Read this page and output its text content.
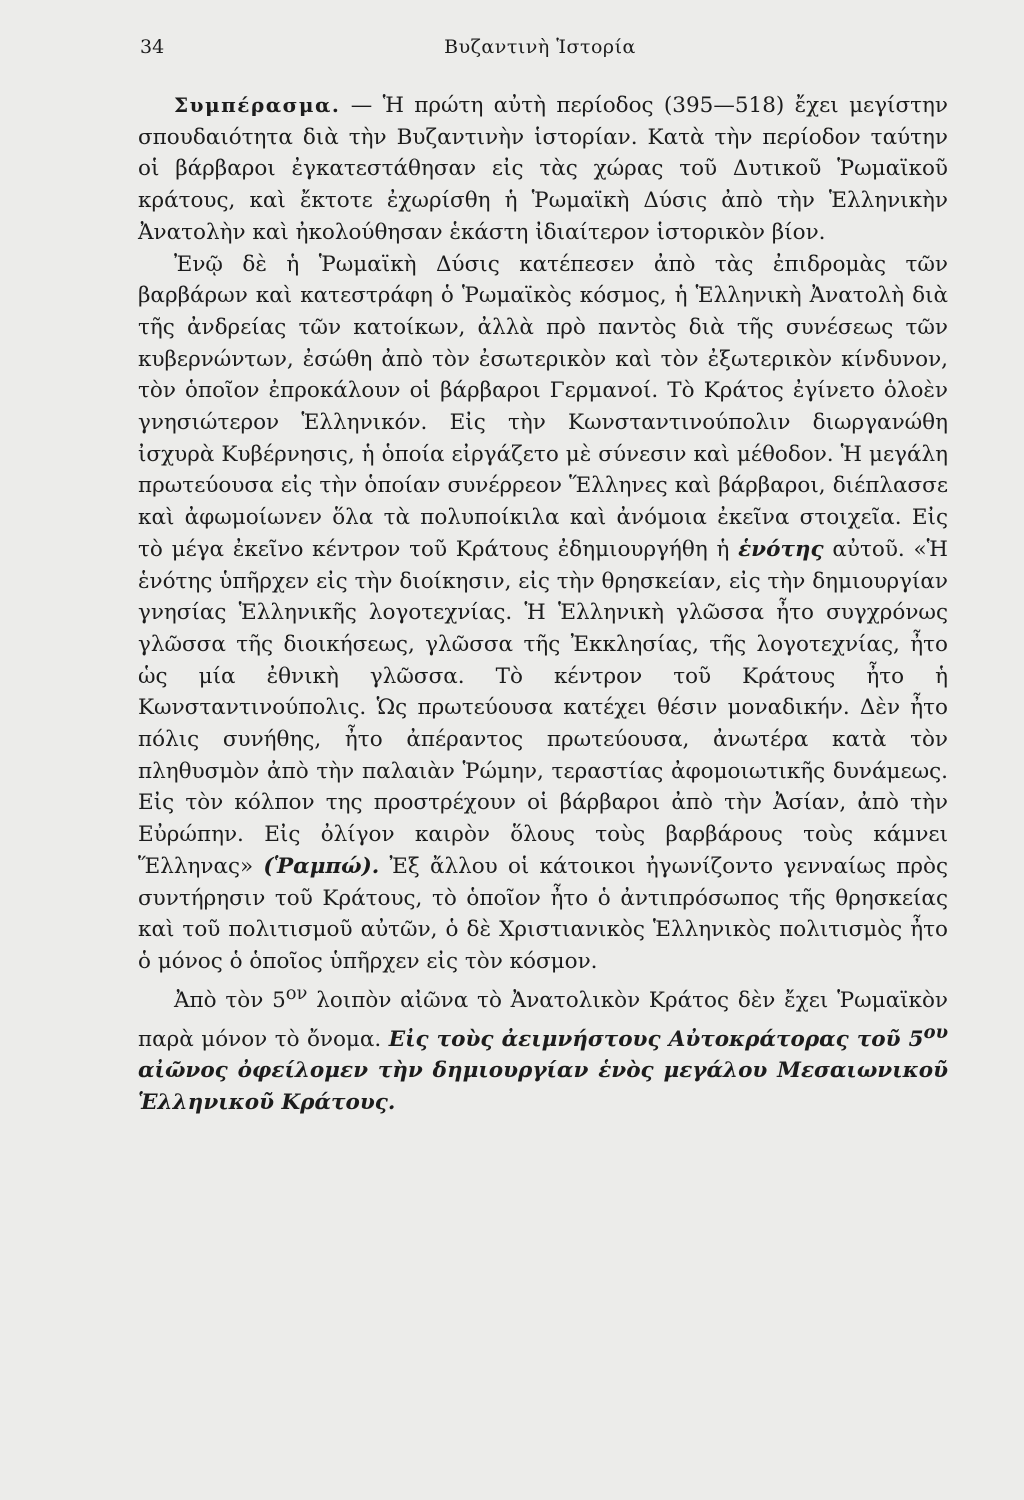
34	Βυζαντινὴ Ἱστορία

Συμπέρασμα. — Ἡ πρώτη αὐτὴ περίοδος (395—518) ἔχει μεγίστην σπουδαιότητα διὰ τὴν Βυζαντινὴν ἱστορίαν. Κατὰ τὴν περίοδον ταύτην οἱ βάρβαροι ἐγκατεστάθησαν εἰς τὰς χώρας τοῦ Δυτικοῦ Ῥωμαϊκοῦ κράτους, καὶ ἔκτοτε ἐχωρίσθη ἡ Ῥωμαϊκὴ Δύσις ἀπὸ τὴν Ἑλληνικὴν Ἀνατολὴν καὶ ἠκολούθησαν ἑκάστη ἰδιαίτερον ἱστορικὸν βίον.

Ἐνῷ δὲ ἡ Ῥωμαϊκὴ Δύσις κατέπεσεν ἀπὸ τὰς ἐπιδρομὰς τῶν βαρβάρων καὶ κατεστράφη ὁ Ῥωμαϊκὸς κόσμος, ἡ Ἑλληνικὴ Ἀνατολὴ διὰ τῆς ἀνδρείας τῶν κατοίκων, ἀλλὰ πρὸ παντὸς διὰ τῆς συνέσεως τῶν κυβερνώντων, ἐσώθη ἀπὸ τὸν ἐσωτερικὸν καὶ τὸν ἐξωτερικὸν κίνδυνον, τὸν ὁποῖον ἐπροκάλουν οἱ βάρβαροι Γερμανοί. Τὸ Κράτος ἐγίνετο ὁλοὲν γνησιώτερον Ἑλληνικόν. Εἰς τὴν Κωνσταντινούπολιν διωργανώθη ἰσχυρὰ Κυβέρνησις, ἡ ὁποία εἰργάζετο μὲ σύνεσιν καὶ μέθοδον. Ἡ μεγάλη πρωτεύουσα εἰς τὴν ὁποίαν συνέρρεον Ἕλληνες καὶ βάρβαροι, διέπλασσε καὶ ἀφωμοίωνεν ὅλα τὰ πολυποίκιλα καὶ ἀνόμοια ἐκεῖνα στοιχεῖα. Εἰς τὸ μέγα ἐκεῖνο κέντρον τοῦ Κράτους ἐδημιουργήθη ἡ ἑνότης αὐτοῦ. «Ἡ ἑνότης ὑπῆρχεν εἰς τὴν διοίκησιν, εἰς τὴν θρησκείαν, εἰς τὴν δημιουργίαν γνησίας Ἑλληνικῆς λογοτεχνίας. Ἡ Ἑλληνικὴ γλῶσσα ἦτο συγχρόνως γλῶσσα τῆς διοικήσεως, γλῶσσα τῆς Ἐκκλησίας, τῆς λογοτεχνίας, ἦτο ὡς μία ἐθνικὴ γλῶσσα. Τὸ κέντρον τοῦ Κράτους ἦτο ἡ Κωνσταντινούπολις. Ὡς πρωτεύουσα κατέχει θέσιν μοναδικήν. Δὲν ἦτο πόλις συνήθης, ἦτο ἀπέραντος πρωτεύουσα, ἀνωτέρα κατὰ τὸν πληθυσμὸν ἀπὸ τὴν παλαιὰν Ῥώμην, τεραστίας ἀφομοιωτικῆς δυνάμεως. Εἰς τὸν κόλπον της προστρέχουν οἱ βάρβαροι ἀπὸ τὴν Ἀσίαν, ἀπὸ τὴν Εὐρώπην. Εἰς ὀλίγον καιρὸν ὅλους τοὺς βαρβάρους τοὺς κάμνει Ἕλληνας» (Ῥαμπώ). Ἐξ ἄλλου οἱ κάτοικοι ἠγωνίζοντο γενναίως πρὸς συντήρησιν τοῦ Κράτους, τὸ ὁποῖον ἦτο ὁ ἀντιπρόσωπος τῆς θρησκείας καὶ τοῦ πολιτισμοῦ αὐτῶν, ὁ δὲ Χριστιανικὸς Ἑλληνικὸς πολιτισμὸς ἦτο ὁ μόνος ὁ ὁποῖος ὑπῆρχεν εἰς τὸν κόσμον.

Ἀπὸ τὸν $5^{o\nu}$ λοιπὸν αἰῶνα τὸ Ἀνατολικὸν Κράτος δὲν ἔχει Ῥωμαϊκὸν παρὰ μόνον τὸ ὄνομα. Εἰς τοὺς ἀειμνήστους Αὐτοκράτορας τοῦ $5^{o\upsilon}$ αἰῶνος ὀφείλομεν τὴν δημιουργίαν ἑνὸς μεγάλου Μεσαιωνικοῦ Ἑλληνικοῦ Κράτους.
